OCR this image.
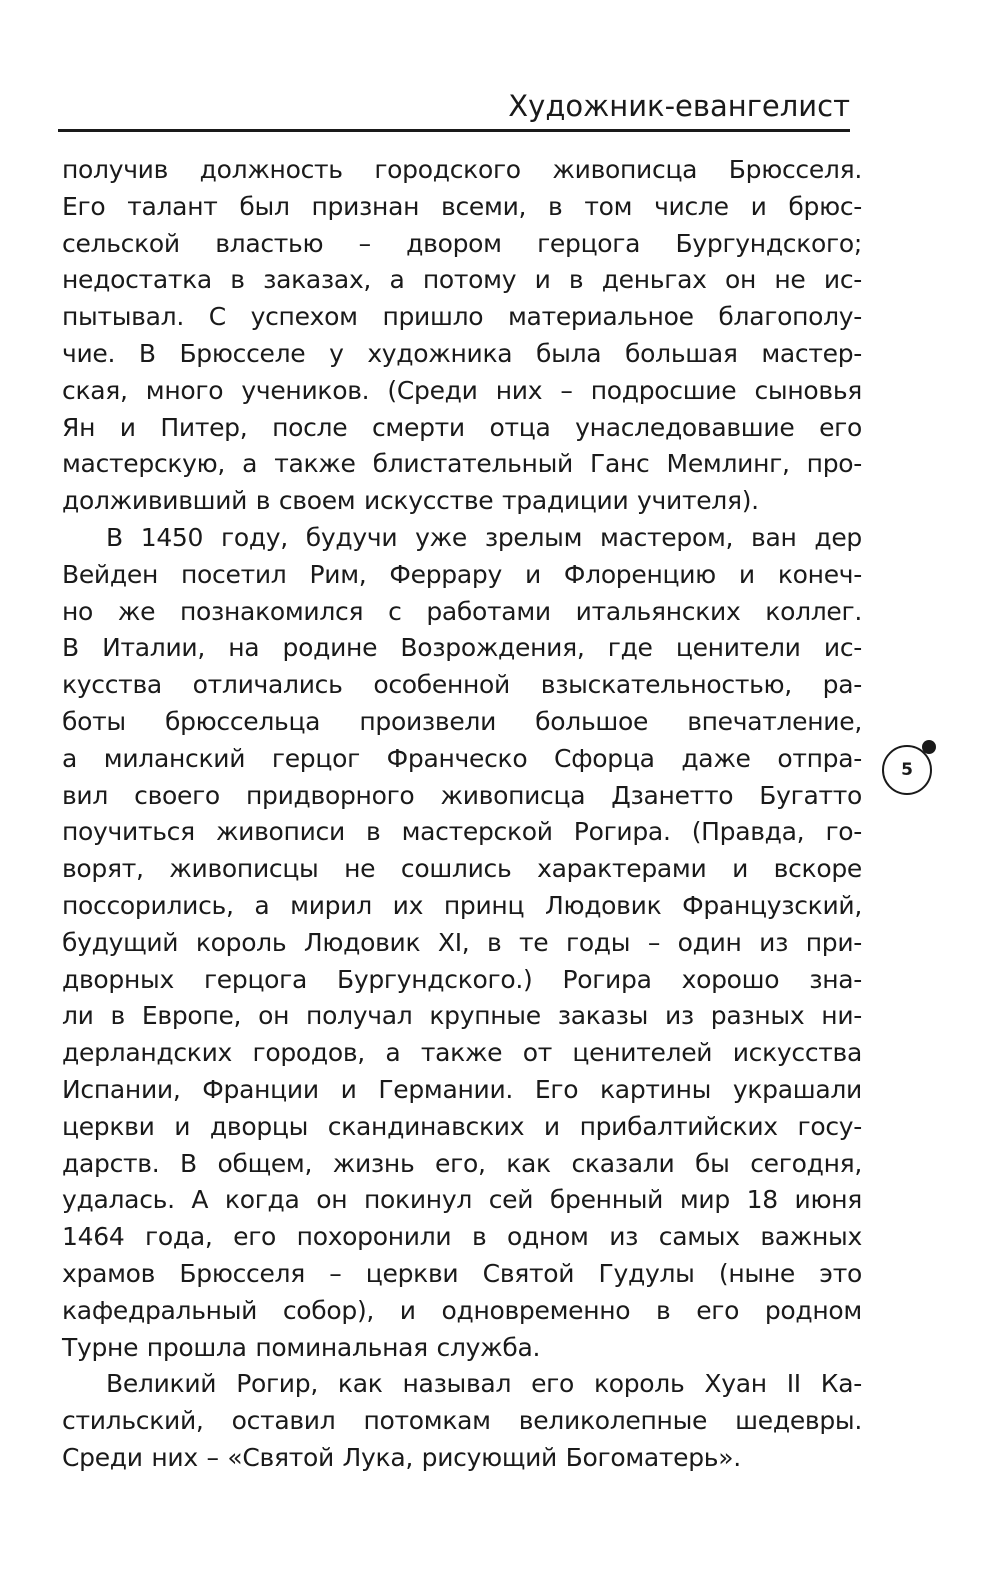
Художник-евангелист
получив должность городского живописца Брюсселя.
Его талант был признан всеми, в том числе и брюс-
сельской властью – двором герцога Бургундского;
недостатка в заказах, а потому и в деньгах он не ис-
пытывал. С успехом пришло материальное благополу-
чие. В Брюсселе у художника была большая мастер-
ская, много учеников. (Среди них – подросшие сыновья
Ян и Питер, после смерти отца унаследовавшие его
мастерскую, а также блистательный Ганс Мемлинг, про-
должививший в своем искусстве традиции учителя).
В 1450 году, будучи уже зрелым мастером, ван дер
Вейден посетил Рим, Феррару и Флоренцию и конеч-
но же познакомился с работами итальянских коллег.
В Италии, на родине Возрождения, где ценители ис-
кусства отличались особенной взыскательностью, ра-
боты брюссельца произвели большое впечатление,
а миланский герцог Франческо Сфорца даже отпра-
вил своего придворного живописца Дзанетто Бугатто
поучиться живописи в мастерской Рогира. (Правда, го-
ворят, живописцы не сошлись характерами и вскоре
поссорились, а мирил их принц Людовик Французский,
будущий король Людовик XI, в те годы – один из при-
дворных герцога Бургундского.) Рогира хорошо зна-
ли в Европе, он получал крупные заказы из разных ни-
дерландских городов, а также от ценителей искусства
Испании, Франции и Германии. Его картины украшали
церкви и дворцы скандинавских и прибалтийских госу-
дарств. В общем, жизнь его, как сказали бы сегодня,
удалась. А когда он покинул сей бренный мир 18 июня
1464 года, его похоронили в одном из самых важных
храмов Брюсселя – церкви Святой Гудулы (ныне это
кафедральный собор), и одновременно в его родном
Турне прошла поминальная служба.
Великий Рогир, как называл его король Хуан II Ка-
стильский, оставил потомкам великолепные шедевры.
Среди них – «Святой Лука, рисующий Богоматерь».
5
